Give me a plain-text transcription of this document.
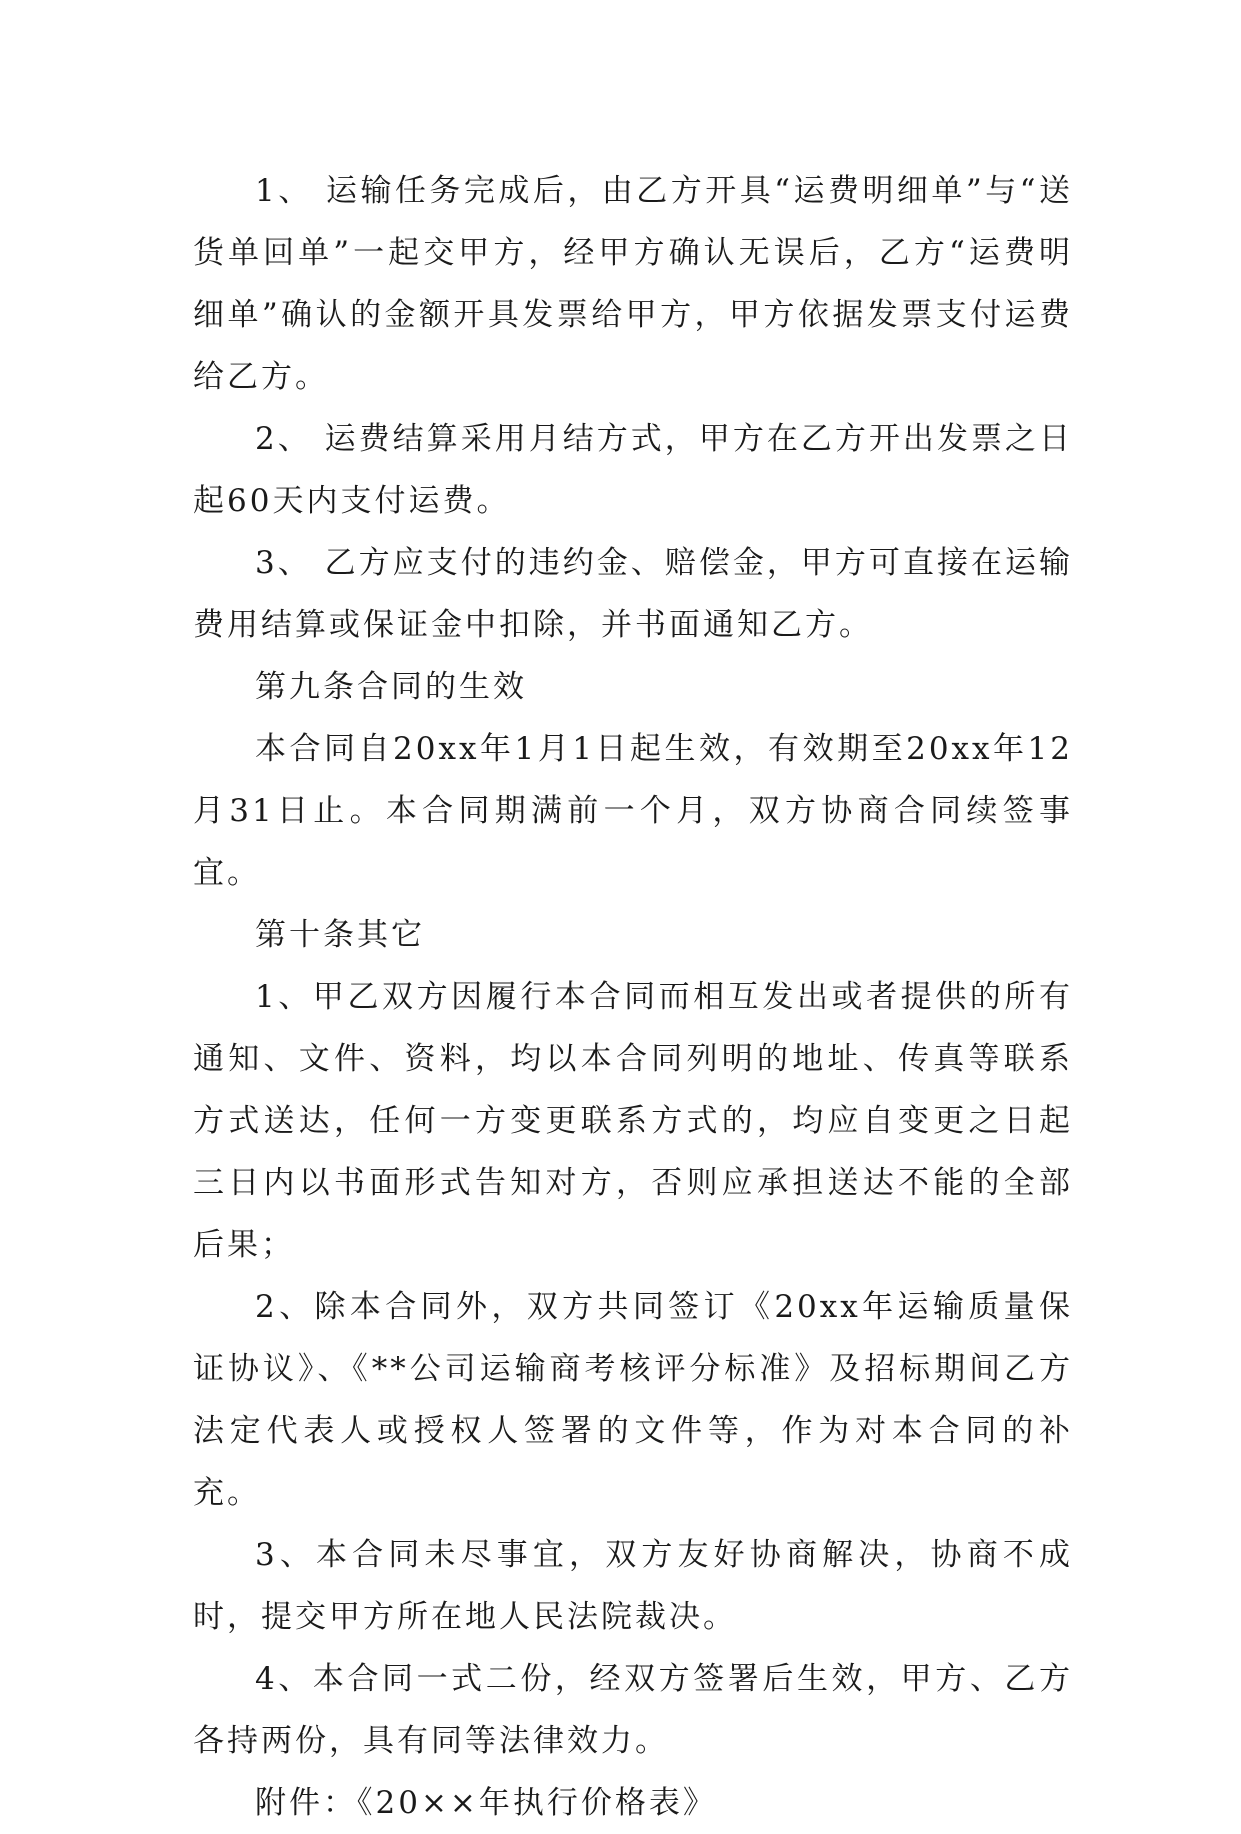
1、 运输任务完成后，由乙方开具“运费明细单”与“送货单回单”一起交甲方，经甲方确认无误后，乙方“运费明细单”确认的金额开具发票给甲方，甲方依据发票支付运费给乙方。

2、 运费结算采用月结方式，甲方在乙方开出发票之日起60天内支付运费。

3、 乙方应支付的违约金、赔偿金，甲方可直接在运输费用结算或保证金中扣除，并书面通知乙方。

第九条合同的生效

本合同自20xx年1月1日起生效，有效期至20xx年12月31日止。本合同期满前一个月，双方协商合同续签事宜。

第十条其它

1、甲乙双方因履行本合同而相互发出或者提供的所有通知、文件、资料，均以本合同列明的地址、传真等联系方式送达，任何一方变更联系方式的，均应自变更之日起三日内以书面形式告知对方，否则应承担送达不能的全部后果；

2、除本合同外，双方共同签订《20xx年运输质量保证协议》、《**公司运输商考核评分标准》及招标期间乙方法定代表人或授权人签署的文件等，作为对本合同的补充。

3、本合同未尽事宜，双方友好协商解决，协商不成时，提交甲方所在地人民法院裁决。

4、本合同一式二份，经双方签署后生效，甲方、乙方各持两份，具有同等法律效力。

附件：《20××年执行价格表》
